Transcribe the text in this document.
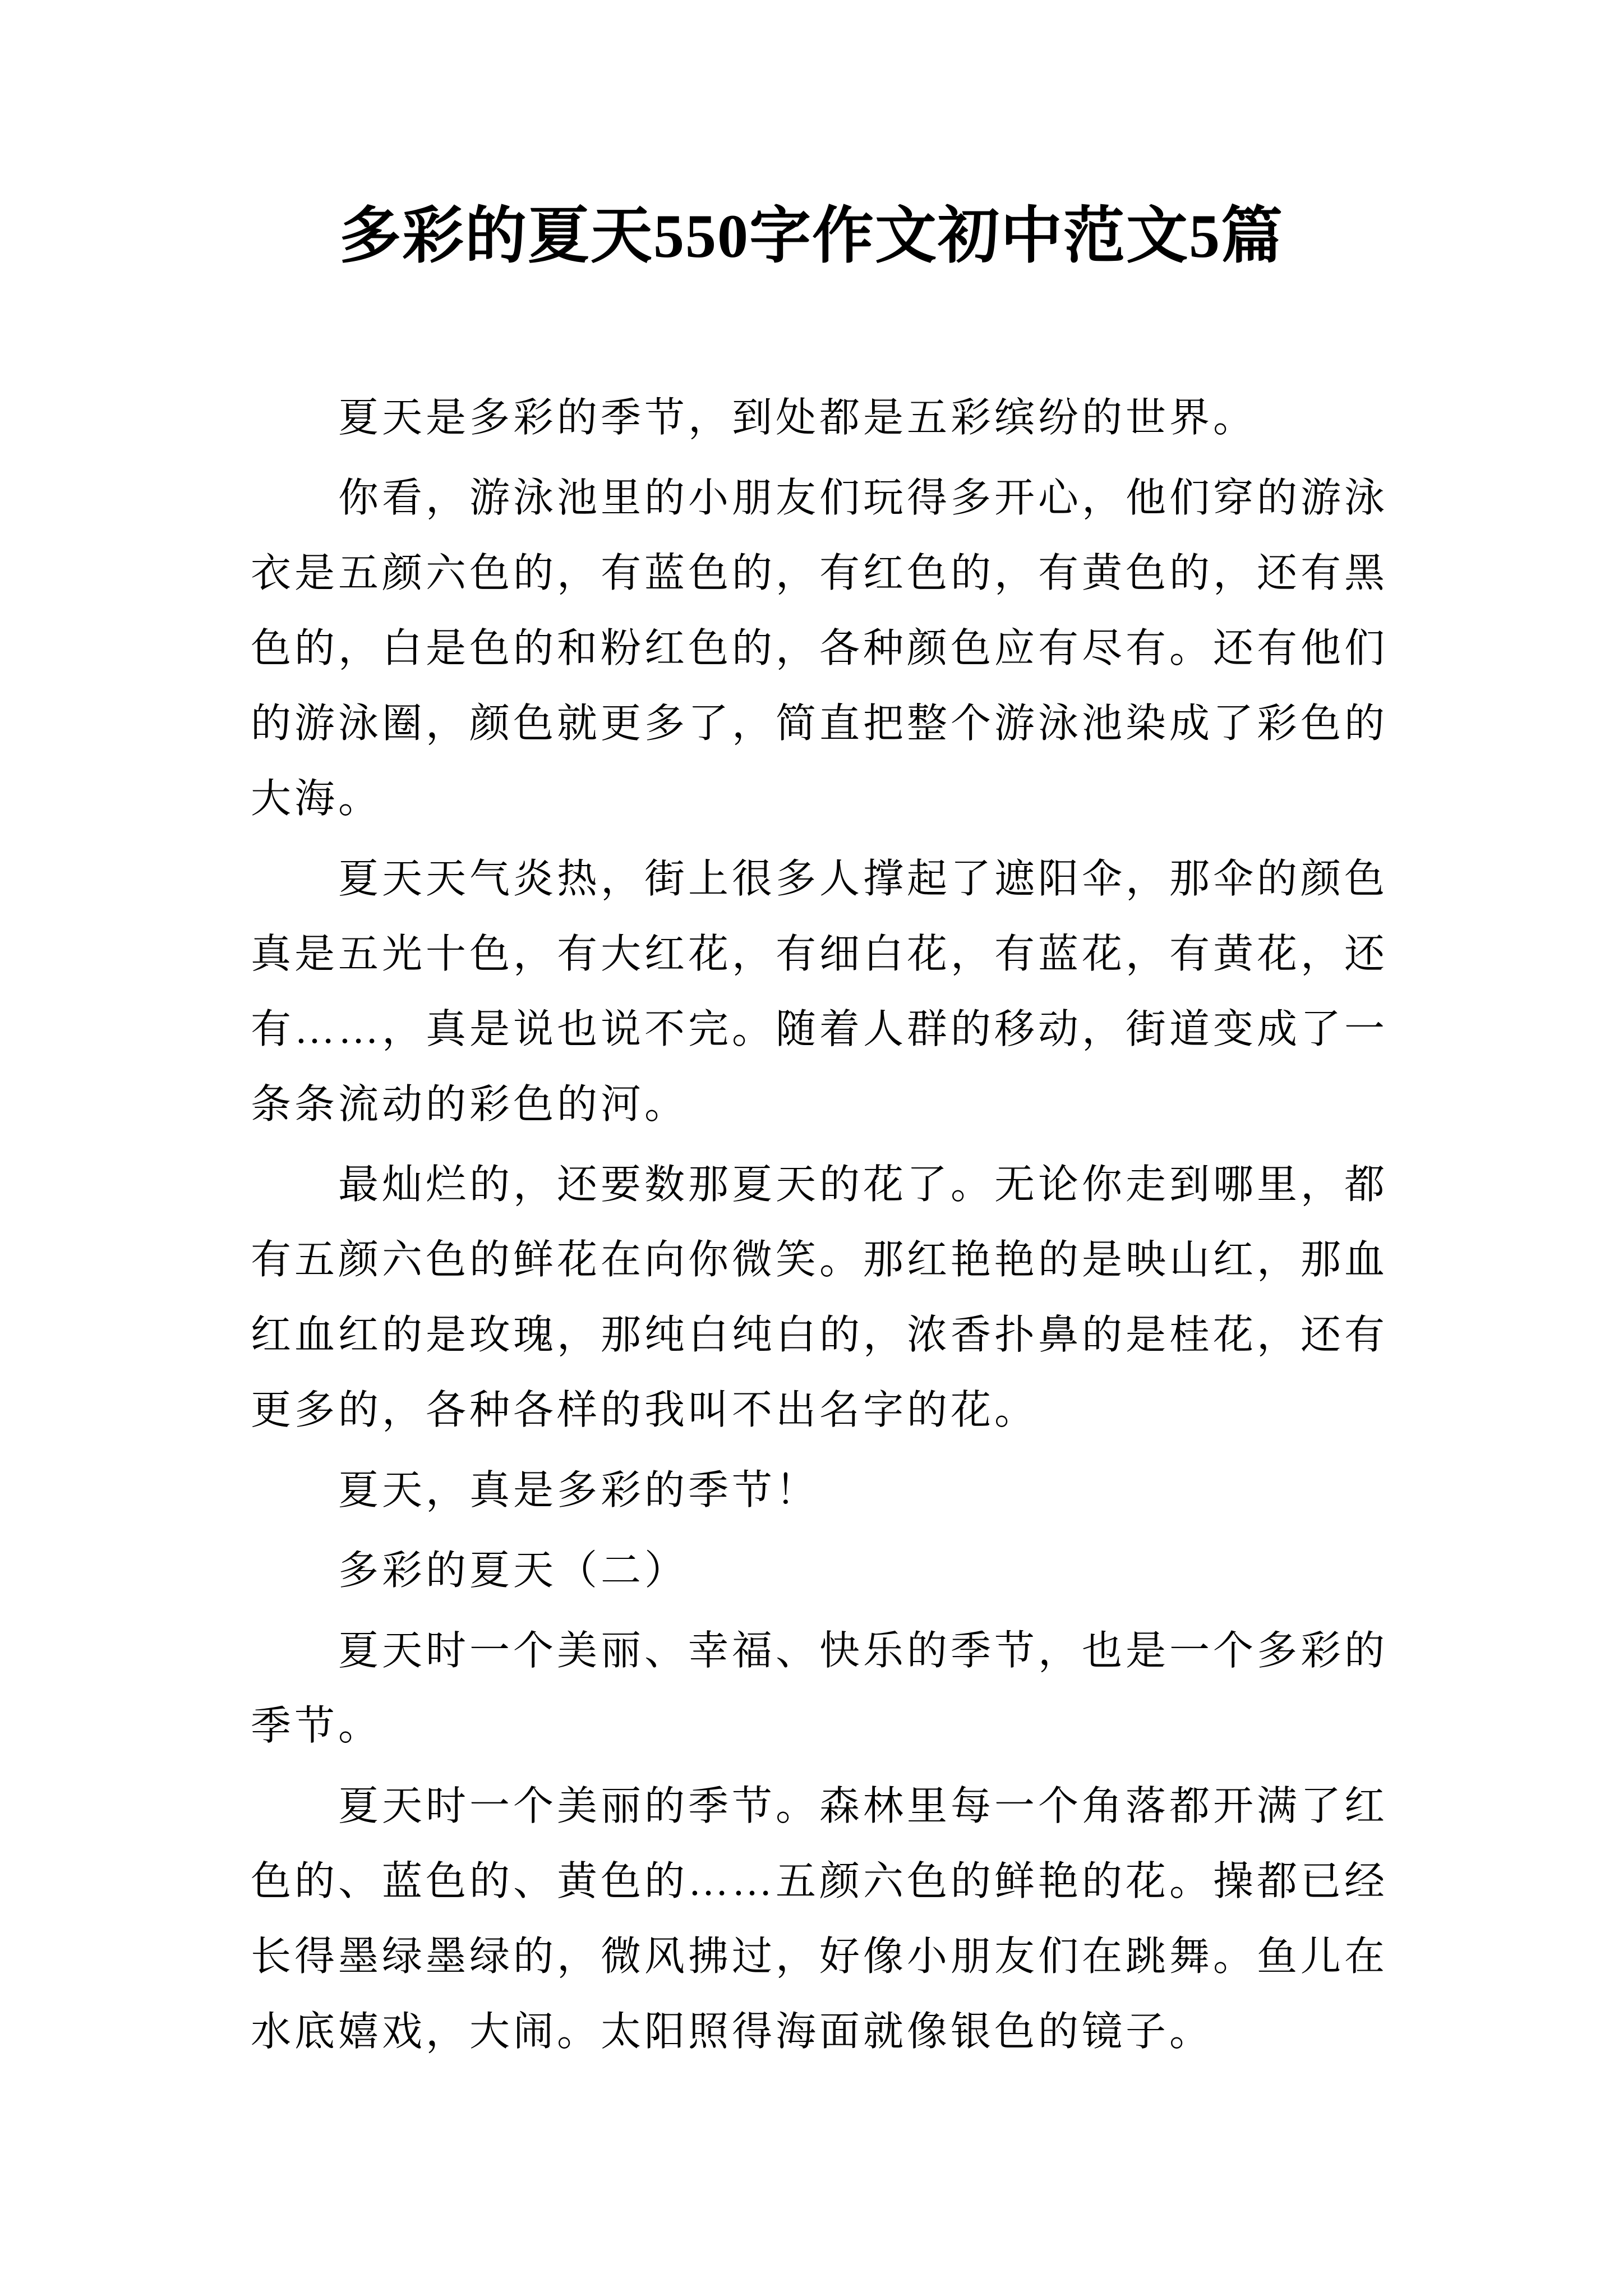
多彩的夏天550字作文初中范文5篇
夏天是多彩的季节，到处都是五彩缤纷的世界。
你看，游泳池里的小朋友们玩得多开心，他们穿的游泳
衣是五颜六色的，有蓝色的，有红色的，有黄色的，还有黑
色的，白是色的和粉红色的，各种颜色应有尽有。还有他们
的游泳圈，颜色就更多了，简直把整个游泳池染成了彩色的
大海。
夏天天气炎热，街上很多人撑起了遮阳伞，那伞的颜色
真是五光十色，有大红花，有细白花，有蓝花，有黄花，还
有……，真是说也说不完。随着人群的移动，街道变成了一
条条流动的彩色的河。
最灿烂的，还要数那夏天的花了。无论你走到哪里，都
有五颜六色的鲜花在向你微笑。那红艳艳的是映山红，那血
红血红的是玫瑰，那纯白纯白的，浓香扑鼻的是桂花，还有
更多的，各种各样的我叫不出名字的花。
夏天，真是多彩的季节！
多彩的夏天（二）
夏天时一个美丽、幸福、快乐的季节，也是一个多彩的
季节。
夏天时一个美丽的季节。森林里每一个角落都开满了红
色的、蓝色的、黄色的……五颜六色的鲜艳的花。操都已经
长得墨绿墨绿的，微风拂过，好像小朋友们在跳舞。鱼儿在
水底嬉戏，大闹。太阳照得海面就像银色的镜子。
